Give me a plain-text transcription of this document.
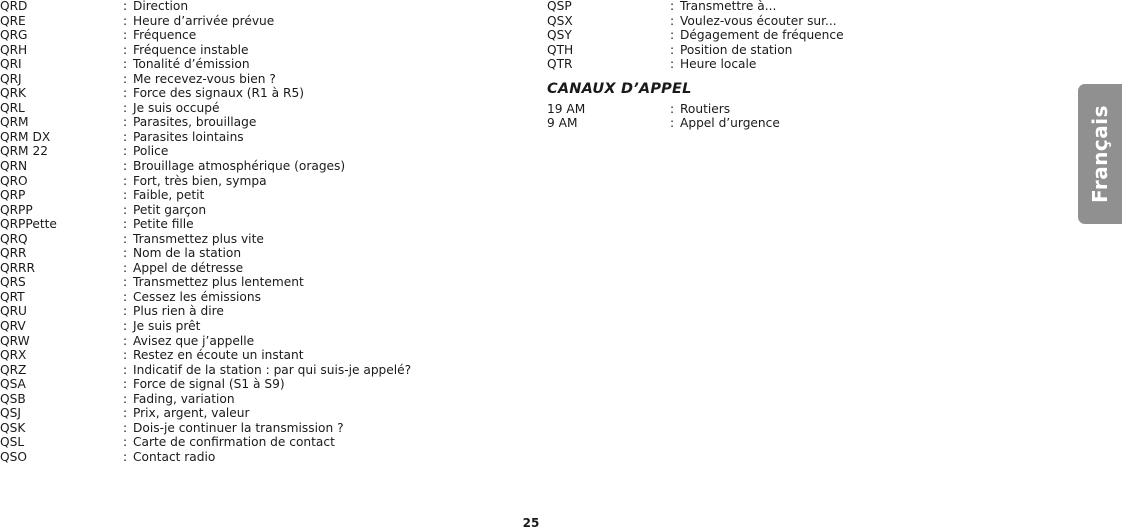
QRD	: Direction
QRE	: Heure d’arrivée prévue
QRG	: Fréquence
QRH	: Fréquence instable
QRI	: Tonalité d’émission
QRJ	: Me recevez-vous bien ?
QRK	: Force des signaux (R1 à R5)
QRL	: Je suis occupé
QRM	: Parasites, brouillage
QRM DX	: Parasites lointains
QRM 22	: Police
QRN	: Brouillage atmosphérique (orages)
QRO	: Fort, très bien, sympa
QRP	: Faible, petit
QRPP	: Petit garçon
QRPPette	: Petite fille
QRQ	: Transmettez plus vite
QRR	: Nom de la station
QRRR	: Appel de détresse
QRS	: Transmettez plus lentement
QRT	: Cessez les émissions
QRU	: Plus rien à dire
QRV	: Je suis prêt
QRW	: Avisez que j’appelle
QRX	: Restez en écoute un instant
QRZ	: Indicatif de la station : par qui suis-je appelé?
QSA	: Force de signal (S1 à S9)
QSB	: Fading, variation
QSJ	: Prix, argent, valeur
QSK	: Dois-je continuer la transmission ?
QSL	: Carte de confirmation de contact
QSO	: Contact radio
QSP	: Transmettre à...
QSX	: Voulez-vous écouter sur...
QSY	: Dégagement de fréquence
QTH	: Position de station
QTR	: Heure locale
CANAUX D’APPEL
19 AM	: Routiers
9 AM	: Appel d’urgence	Français
25
